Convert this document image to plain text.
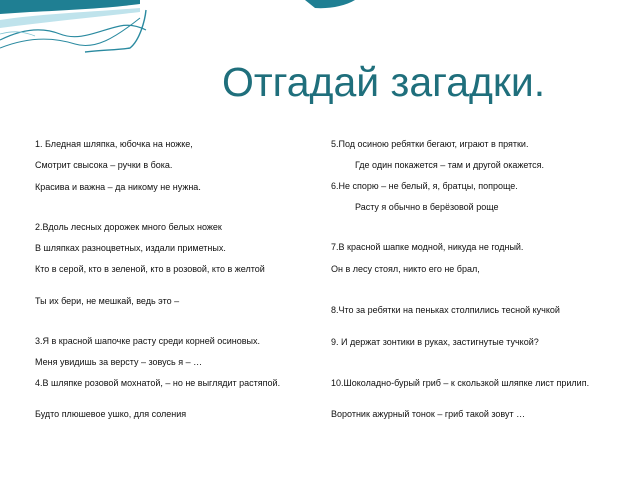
Отгадай загадки.

1. Бледная шляпка, юбочка на ножке,

Смотрит свысока – ручки в бока.

Красива и важна – да никому не нужна.

2.Вдоль лесных дорожек много белых ножек

В шляпках разноцветных, издали приметных.

Кто в серой, кто в зеленой, кто в розовой, кто в желтой

Ты их бери, не мешкай, ведь это –

3.Я в красной шапочке расту среди корней осиновых.

Меня увидишь за версту – зовусь я – …

4.В шляпке розовой мохнатой, – но не выглядит растяпой.

Будто плюшевое ушко, для соления

5.Под осиною ребятки бегают, играют в прятки.

Где один покажется – там и другой окажется.

6.Не спорю – не белый, я, братцы, попроще.

Расту я обычно в берёзовой роще

7.В красной шапке модной, никуда не годный.

Он в лесу стоял, никто его не брал,

8.Что за ребятки на пеньках столпились тесной кучкой

9. И держат зонтики в руках, застигнутые тучкой?

10.Шоколадно-бурый гриб – к скользкой шляпке лист прилип.

Воротник ажурный тонок – гриб такой зовут …
